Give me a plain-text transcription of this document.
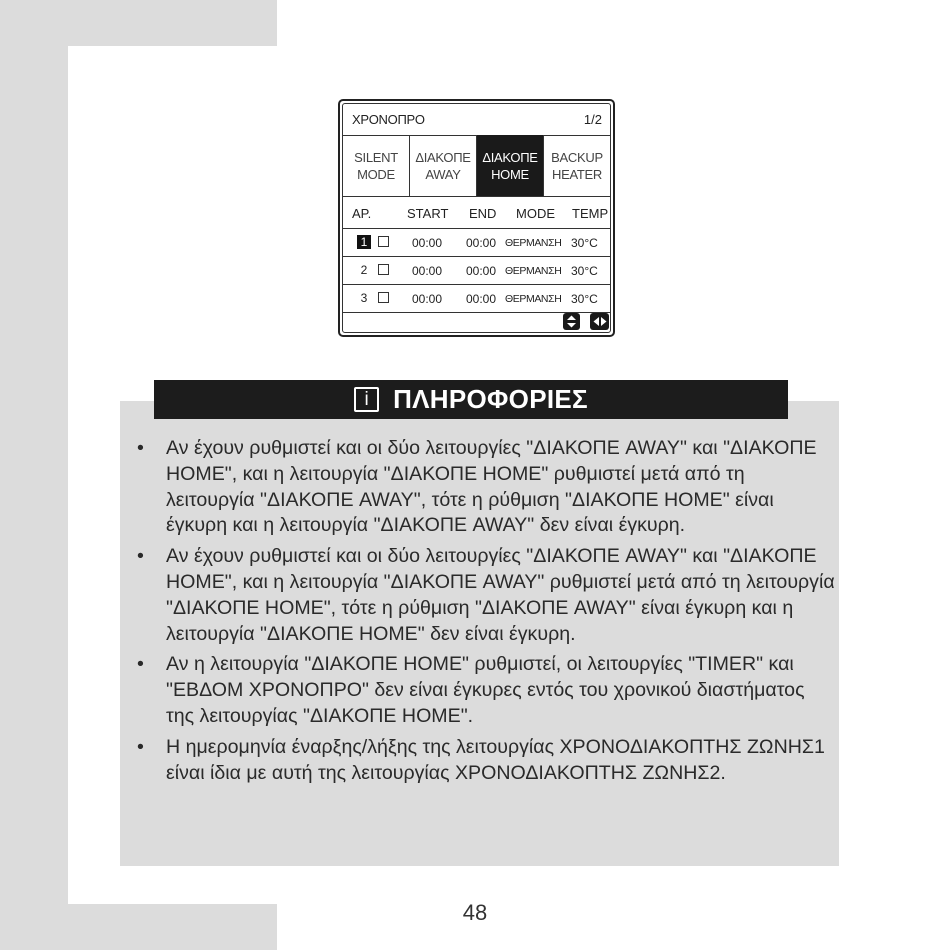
ΧΡΟΝΟΠΡΟ	1/2
SILENT
MODE
ΔΙΑΚΟΠΕ
AWAY
ΔΙΑΚΟΠΕ
HOME
BACKUP
HEATER
ΑΡ.	START END MODE TEMP
1	00:00 00:00 ΘΕΡΜΑΝΣΗ 30°C
2	00:00 00:00 ΘΕΡΜΑΝΣΗ 30°C
3	00:00 00:00 ΘΕΡΜΑΝΣΗ 30°C
i ΠΛΗΡΟΦΟΡΙΕΣ
• Αν έχουν ρυθμιστεί και οι δύο λειτουργίες "ΔΙΑΚΟΠΕ AWAY" και "ΔΙΑΚΟΠΕ HOME", και η λειτουργία "ΔΙΑΚΟΠΕ HOME" ρυθμιστεί μετά από τη λειτουργία "ΔΙΑΚΟΠΕ AWAY", τότε η ρύθμιση "ΔΙΑΚΟΠΕ HOME" είναι έγκυρη και η λειτουργία "ΔΙΑΚΟΠΕ AWAY" δεν είναι έγκυρη.
• Αν έχουν ρυθμιστεί και οι δύο λειτουργίες "ΔΙΑΚΟΠΕ AWAY" και "ΔΙΑΚΟΠΕ HOME", και η λειτουργία "ΔΙΑΚΟΠΕ AWAY" ρυθμιστεί μετά από τη λειτουργία "ΔΙΑΚΟΠΕ HOME", τότε η ρύθμιση "ΔΙΑΚΟΠΕ AWAY" είναι έγκυρη και η λειτουργία "ΔΙΑΚΟΠΕ HOME" δεν είναι έγκυρη.
• Αν η λειτουργία "ΔΙΑΚΟΠΕ HOME" ρυθμιστεί, οι λειτουργίες "TIMER" και "ΕΒΔΟΜ ΧΡΟΝΟΠΡΟ" δεν είναι έγκυρες εντός του χρονικού διαστήματος της λειτουργίας "ΔΙΑΚΟΠΕ HOME".
• Η ημερομηνία έναρξης/λήξης της λειτουργίας ΧΡΟΝΟΔΙΑΚΟΠΤΗΣ ΖΩΝΗΣ1 είναι ίδια με αυτή της λειτουργίας ΧΡΟΝΟΔΙΑΚΟΠΤΗΣ ΖΩΝΗΣ2.
48
